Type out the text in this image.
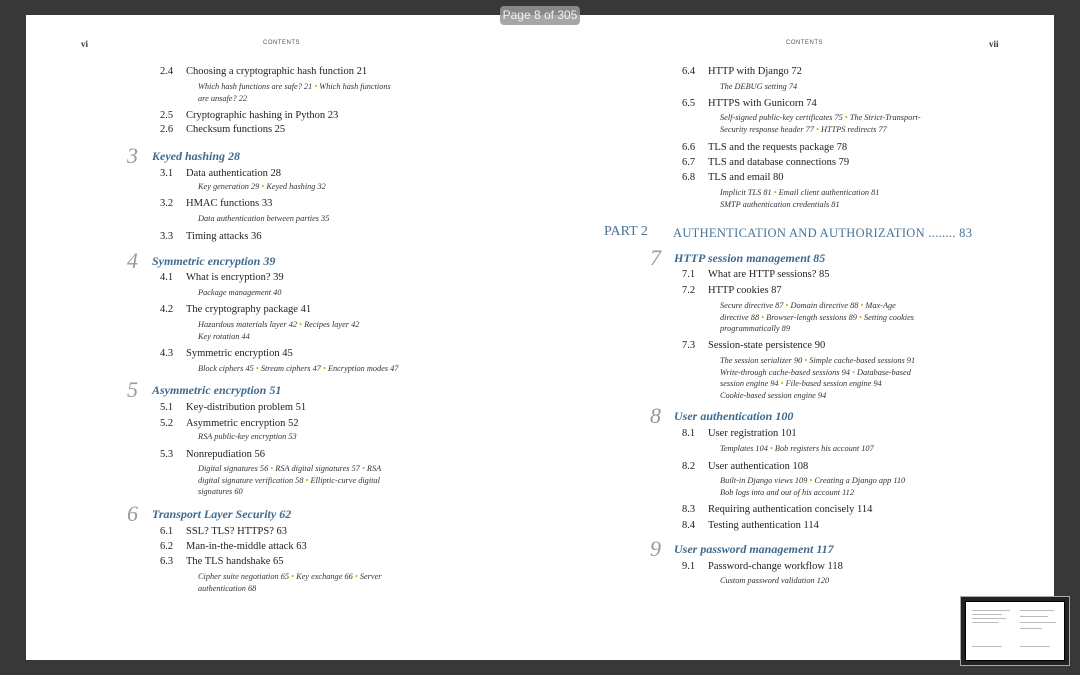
Page 8 of 305
vi	CONTENTS
2.4 Choosing a cryptographic hash function 21
Which hash functions are safe? 21 • Which hash functions
are unsafe? 22
2.5 Cryptographic hashing in Python 23
2.6 Checksum functions 25
3 Keyed hashing 28
3.1 Data authentication 28
Key generation 29 • Keyed hashing 32
3.2 HMAC functions 33
Data authentication between parties 35
3.3 Timing attacks 36
4 Symmetric encryption 39
4.1 What is encryption? 39
Package management 40
4.2 The cryptography package 41
Hazardous materials layer 42 • Recipes layer 42
Key rotation 44
4.3 Symmetric encryption 45
Block ciphers 45 • Stream ciphers 47 • Encryption modes 47
5 Asymmetric encryption 51
5.1 Key-distribution problem 51
5.2 Asymmetric encryption 52
RSA public-key encryption 53
5.3 Nonrepudiation 56
Digital signatures 56 • RSA digital signatures 57 • RSA
digital signature verification 58 • Elliptic-curve digital
signatures 60
6 Transport Layer Security 62
6.1 SSL? TLS? HTTPS? 63
6.2 Man-in-the-middle attack 63
6.3 The TLS handshake 65
Cipher suite negotiation 65 • Key exchange 66 • Server
authentication 68
vii
CONTENTS
6.4 HTTP with Django 72
The DEBUG setting 74
6.5 HTTPS with Gunicorn 74
Self-signed public-key certificates 75 • The Strict-Transport-
Security response header 77 • HTTPS redirects 77
6.6 TLS and the requests package 78
6.7 TLS and database connections 79
6.8 TLS and email 80
Implicit TLS 81 • Email client authentication 81
SMTP authentication credentials 81
7 HTTP session management 85
7.1 What are HTTP sessions? 85
7.2 HTTP cookies 87
Secure directive 87 • Domain directive 88 • Max-Age
directive 88 • Browser-length sessions 89 • Setting cookies
programmatically 89
7.3 Session-state persistence 90
The session serializer 90 • Simple cache-based sessions 91
Write-through cache-based sessions 94 • Database-based
session engine 94 • File-based session engine 94
Cookie-based session engine 94
8 User authentication 100
8.1 User registration 101
Templates 104 • Bob registers his account 107
8.2 User authentication 108
Built-in Django views 109 • Creating a Django app 110
Bob logs into and out of his account 112
8.3 Requiring authentication concisely 114
8.4 Testing authentication 114
9 User password management 117
9.1 Password-change workflow 118
Custom password validation 120
PART 2 AUTHENTICATION AND AUTHORIZATION ........ 83
